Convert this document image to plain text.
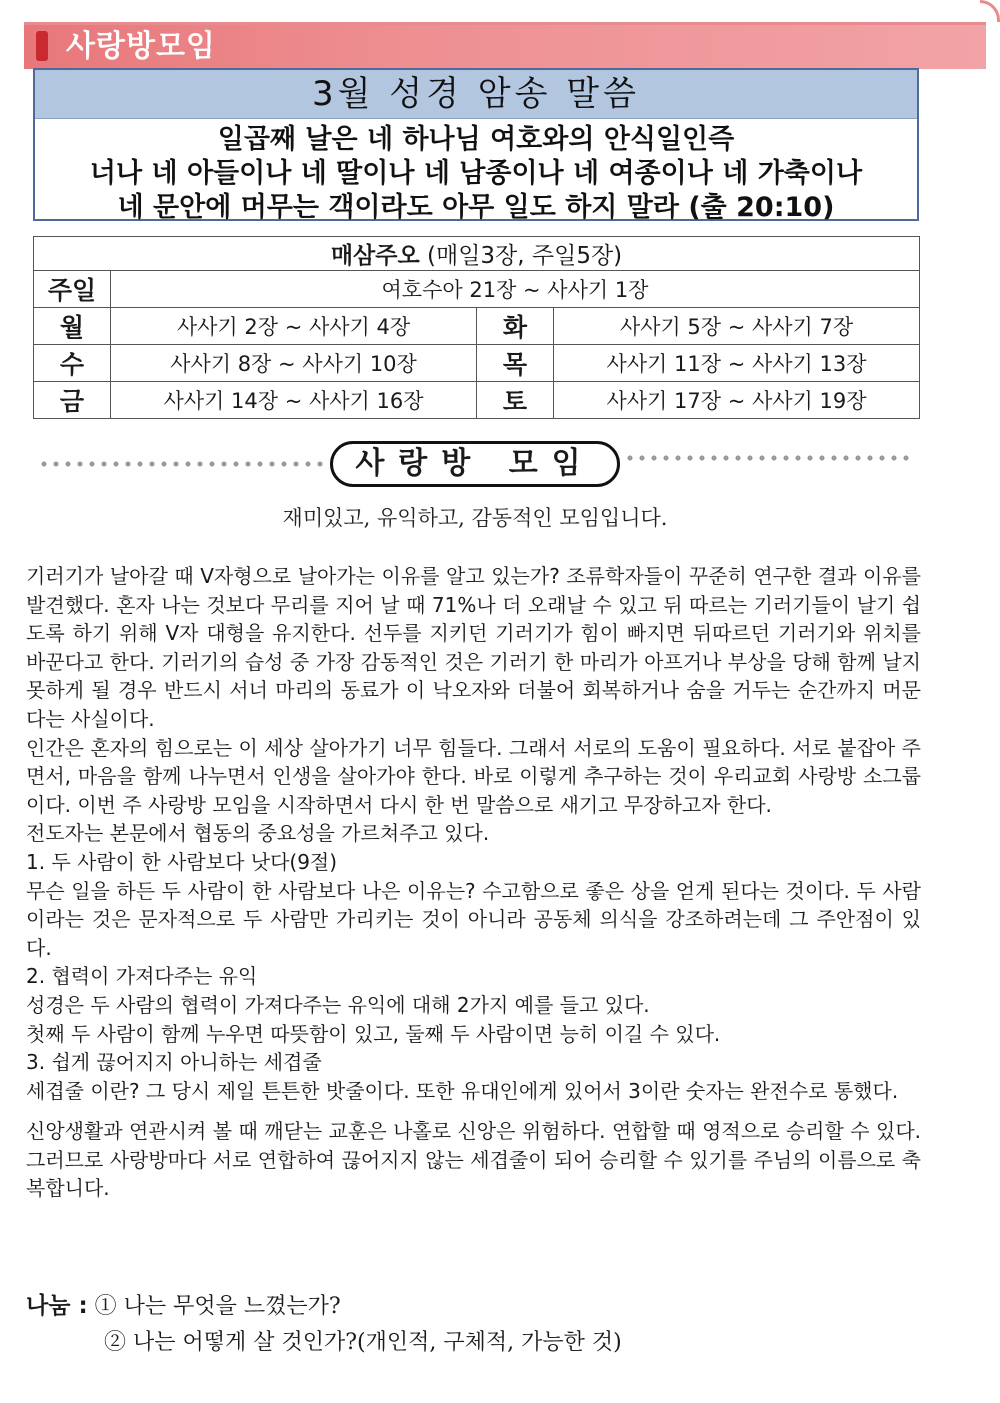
사랑방모임
3월 성경 암송 말씀
일곱째 날은 네 하나님 여호와의 안식일인즉
너나 네 아들이나 네 딸이나 네 남종이나 네 여종이나 네 가축이나
네 문안에 머무는 객이라도 아무 일도 하지 말라 (출 20:10)
매삼주오 (매일3장, 주일5장)			
주일	여호수아 21장 ~ 사사기 1장		
월	사사기 2장 ~ 사사기 4장	화	사사기 5장 ~ 사사기 7장
수	사사기 8장 ~ 사사기 10장	목	사사기 11장 ~ 사사기 13장
금	사사기 14장 ~ 사사기 16장	토	사사기 17장 ~ 사사기 19장
사랑방 모임
재미있고, 유익하고, 감동적인 모임입니다.

기러기가 날아갈 때 V자형으로 날아가는 이유를 알고 있는가? 조류학자들이 꾸준히 연구한 결과 이유를 발견했다. 혼자 나는 것보다 무리를 지어 날 때 71%나 더 오래날 수 있고 뒤 따르는 기러기들이 날기 쉽도록 하기 위해 V자 대형을 유지한다. 선두를 지키던 기러기가 힘이 빠지면 뒤따르던 기러기와 위치를 바꾼다고 한다. 기러기의 습성 중 가장 감동적인 것은 기러기 한 마리가 아프거나 부상을 당해 함께 날지 못하게 될 경우 반드시 서너 마리의 동료가 이 낙오자와 더불어 회복하거나 숨을 거두는 순간까지 머문다는 사실이다.

인간은 혼자의 힘으로는 이 세상 살아가기 너무 힘들다. 그래서 서로의 도움이 필요하다. 서로 붙잡아 주면서, 마음을 함께 나누면서 인생을 살아가야 한다. 바로 이렇게 추구하는 것이 우리교회 사랑방 소그룹이다. 이번 주 사랑방 모임을 시작하면서 다시 한 번 말씀으로 새기고 무장하고자 한다.

전도자는 본문에서 협동의 중요성을 가르쳐주고 있다.

1. 두 사람이 한 사람보다 낫다(9절)

무슨 일을 하든 두 사람이 한 사람보다 나은 이유는? 수고함으로 좋은 상을 얻게 된다는 것이다. 두 사람이라는 것은 문자적으로 두 사람만 가리키는 것이 아니라 공동체 의식을 강조하려는데 그 주안점이 있다.

2. 협력이 가져다주는 유익

성경은 두 사람의 협력이 가져다주는 유익에 대해 2가지 예를 들고 있다.

첫째 두 사람이 함께 누우면 따뜻함이 있고, 둘째 두 사람이면 능히 이길 수 있다.

3. 쉽게 끊어지지 아니하는 세겹줄

세겹줄 이란? 그 당시 제일 튼튼한 밧줄이다. 또한 유대인에게 있어서 3이란 숫자는 완전수로 통했다.

신앙생활과 연관시켜 볼 때 깨닫는 교훈은 나홀로 신앙은 위험하다. 연합할 때 영적으로 승리할 수 있다. 그러므로 사랑방마다 서로 연합하여 끊어지지 않는 세겹줄이 되어 승리할 수 있기를 주님의 이름으로 축복합니다.

나눔 : ① 나는 무엇을 느꼈는가?
② 나는 어떻게 살 것인가?(개인적, 구체적, 가능한 것)
